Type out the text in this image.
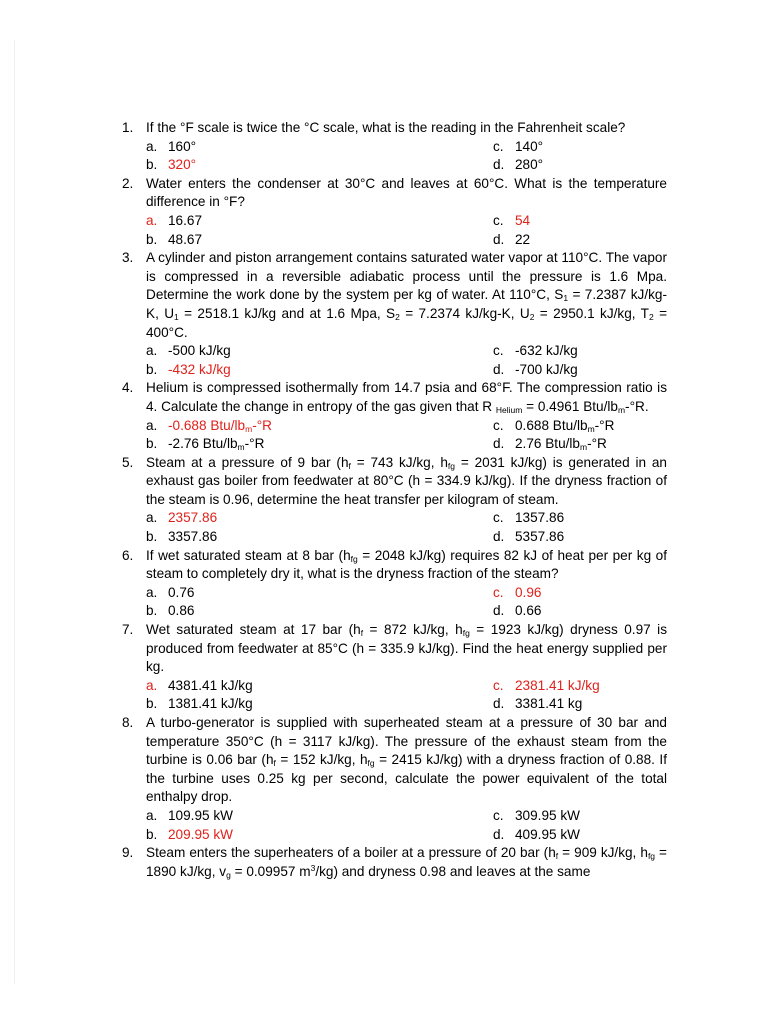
1. If the °F scale is twice the °C scale, what is the reading in the Fahrenheit scale?
a. 160°	c. 140°
b. 320°	d. 280°
2. Water enters the condenser at 30°C and leaves at 60°C. What is the temperature difference in °F?
a. 16.67	c. 54
b. 48.67	d. 22
3. A cylinder and piston arrangement contains saturated water vapor at 110°C. The vapor is compressed in a reversible adiabatic process until the pressure is 1.6 Mpa. Determine the work done by the system per kg of water. At 110°C, $S_1 = 7.2387$ kJ/kg-K, $U_1 = 2518.1$ kJ/kg and at 1.6 Mpa, $S_2 = 7.2374$ kJ/kg-K, $U_2 = 2950.1$ kJ/kg, $T_2 = 400^\circ C$.
a. -500 kJ/kg	c. -632 kJ/kg
b. -432 kJ/kg	d. -700 kJ/kg
4. Helium is compressed isothermally from 14.7 psia and 68°F. The compression ratio is 4. Calculate the change in entropy of the gas given that R $_{Helium}$ = 0.4961 Btu/$lb_m-^\circ R$.
a. -0.688 Btu/$lb_m-^\circ R$	c. 0.688 Btu/$lb_m-^\circ R$
b. -2.76 Btu/$lb_m-^\circ R$	d. 2.76 Btu/$lb_m-^\circ R$
5. Steam at a pressure of 9 bar ($h_f = 743$ kJ/kg, $h_{fg} = 2031$ kJ/kg) is generated in an exhaust gas boiler from feedwater at 80°C (h = 334.9 kJ/kg). If the dryness fraction of the steam is 0.96, determine the heat transfer per kilogram of steam.
a. 2357.86	c. 1357.86
b. 3357.86	d. 5357.86
6. If wet saturated steam at 8 bar ($h_{fg} = 2048$ kJ/kg) requires 82 kJ of heat per per kg of steam to completely dry it, what is the dryness fraction of the steam?
a. 0.76	c. 0.96
b. 0.86	d. 0.66
7. Wet saturated steam at 17 bar ($h_f = 872$ kJ/kg, $h_{fg} = 1923$ kJ/kg) dryness 0.97 is produced from feedwater at 85°C (h = 335.9 kJ/kg). Find the heat energy supplied per kg.
a. 4381.41 kJ/kg	c. 2381.41 kJ/kg
b. 1381.41 kJ/kg	d. 3381.41 kg
8. A turbo-generator is supplied with superheated steam at a pressure of 30 bar and temperature 350°C (h = 3117 kJ/kg). The pressure of the exhaust steam from the turbine is 0.06 bar ($h_f = 152$ kJ/kg, $h_{fg} = 2415$ kJ/kg) with a dryness fraction of 0.88. If the turbine uses 0.25 kg per second, calculate the power equivalent of the total enthalpy drop.
a. 109.95 kW	c. 309.95 kW
b. 209.95 kW	d. 409.95 kW
9. Steam enters the superheaters of a boiler at a pressure of 20 bar ($h_f = 909$ kJ/kg, $h_{fg} = 1890$ kJ/kg, $v_g = 0.09957$ $m^3/kg$) and dryness 0.98 and leaves at the same
